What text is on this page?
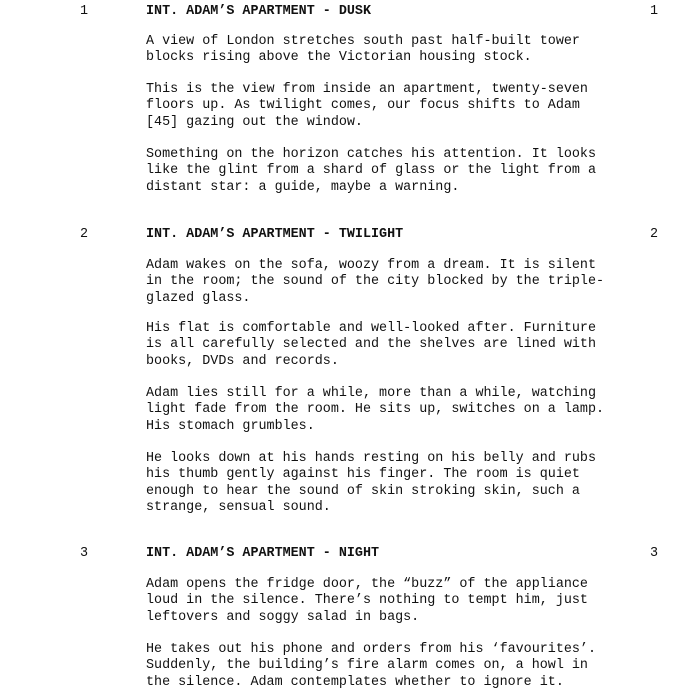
1	INT. ADAM’S APARTMENT - DUSK	1

A view of London stretches south past half-built tower
blocks rising above the Victorian housing stock.

This is the view from inside an apartment, twenty-seven
floors up. As twilight comes, our focus shifts to Adam
[45] gazing out the window.

Something on the horizon catches his attention. It looks
like the glint from a shard of glass or the light from a
distant star: a guide, maybe a warning.

2	INT. ADAM’S APARTMENT - TWILIGHT	2

Adam wakes on the sofa, woozy from a dream. It is silent
in the room; the sound of the city blocked by the triple-
glazed glass.

His flat is comfortable and well-looked after. Furniture
is all carefully selected and the shelves are lined with
books, DVDs and records.

Adam lies still for a while, more than a while, watching
light fade from the room. He sits up, switches on a lamp.
His stomach grumbles.

He looks down at his hands resting on his belly and rubs
his thumb gently against his finger. The room is quiet
enough to hear the sound of skin stroking skin, such a
strange, sensual sound.

3	INT. ADAM’S APARTMENT - NIGHT	3

Adam opens the fridge door, the “buzz” of the appliance
loud in the silence. There’s nothing to tempt him, just
leftovers and soggy salad in bags.

He takes out his phone and orders from his ‘favourites’.
Suddenly, the building’s fire alarm comes on, a howl in
the silence. Adam contemplates whether to ignore it.
